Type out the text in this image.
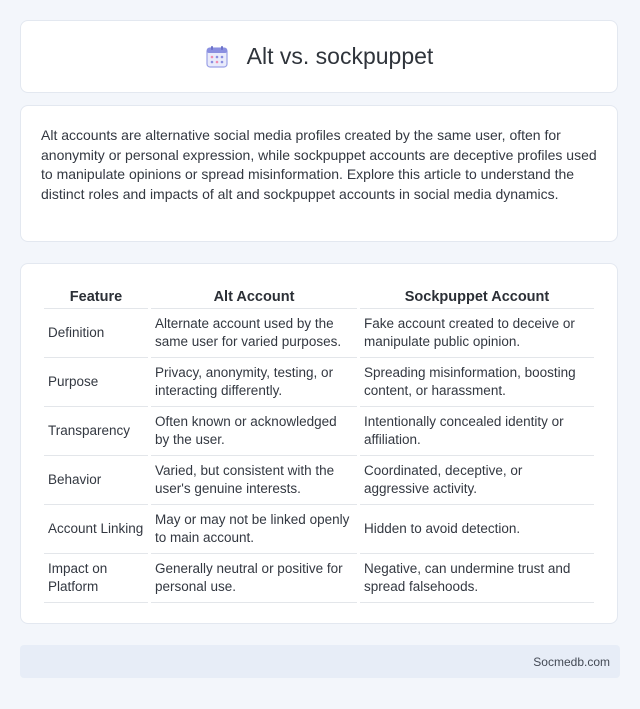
Alt vs. sockpuppet

Alt accounts are alternative social media profiles created by the same user, often for anonymity or personal expression, while sockpuppet accounts are deceptive profiles used to manipulate opinions or spread misinformation. Explore this article to understand the distinct roles and impacts of alt and sockpuppet accounts in social media dynamics.

Feature	Alt Account	Sockpuppet Account
Definition	Alternate account used by the same user for varied purposes.	Fake account created to deceive or manipulate public opinion.
Purpose	Privacy, anonymity, testing, or interacting differently.	Spreading misinformation, boosting content, or harassment.
Transparency	Often known or acknowledged by the user.	Intentionally concealed identity or affiliation.
Behavior	Varied, but consistent with the user's genuine interests.	Coordinated, deceptive, or aggressive activity.
Account Linking	May or may not be linked openly to main account.	Hidden to avoid detection.
Impact on Platform	Generally neutral or positive for personal use.	Negative, can undermine trust and spread falsehoods.
Socmedb.com
